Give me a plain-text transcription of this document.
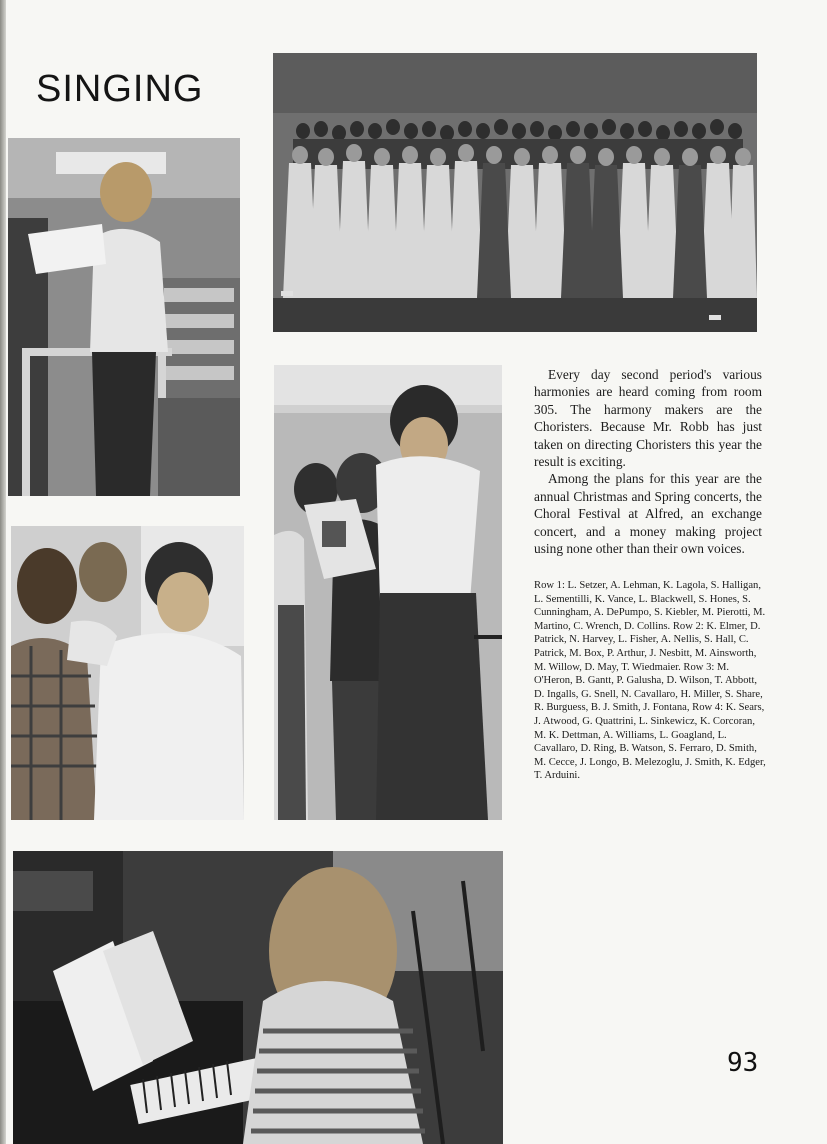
SINGING

Every day second period's various harmonies are heard coming from room 305. The harmony makers are the Choristers. Because Mr. Robb has just taken on directing Choristers this year the result is exciting.

Among the plans for this year are the annual Christmas and Spring concerts, the Choral Festival at Alfred, an exchange concert, and a money making project using none other than their own voices.

Row 1: L. Setzer, A. Lehman, K. Lagola, S. Halligan, L. Sementilli, K. Vance, L. Blackwell, S. Hones, S. Cunningham, A. DePumpo, S. Kiebler, M. Pierotti, M. Martino, C. Wrench, D. Collins. Row 2: K. Elmer, D. Patrick, N. Harvey, L. Fisher, A. Nellis, S. Hall, C. Patrick, M. Box, P. Arthur, J. Nesbitt, M. Ainsworth, M. Willow, D. May, T. Wiedmaier. Row 3: M. O'Heron, B. Gantt, P. Galusha, D. Wilson, T. Abbott, D. Ingalls, G. Snell, N. Cavallaro, H. Miller, S. Share, R. Burguess, B. J. Smith, J. Fontana, Row 4: K. Sears, J. Atwood, G. Quattrini, L. Sinkewicz, K. Corcoran, M. K. Dettman, A. Williams, L. Goagland, L. Cavallaro, D. Ring, B. Watson, S. Ferraro, D. Smith, M. Cecce, J. Longo, B. Melezoglu, J. Smith, K. Edger, T. Arduini.
93
